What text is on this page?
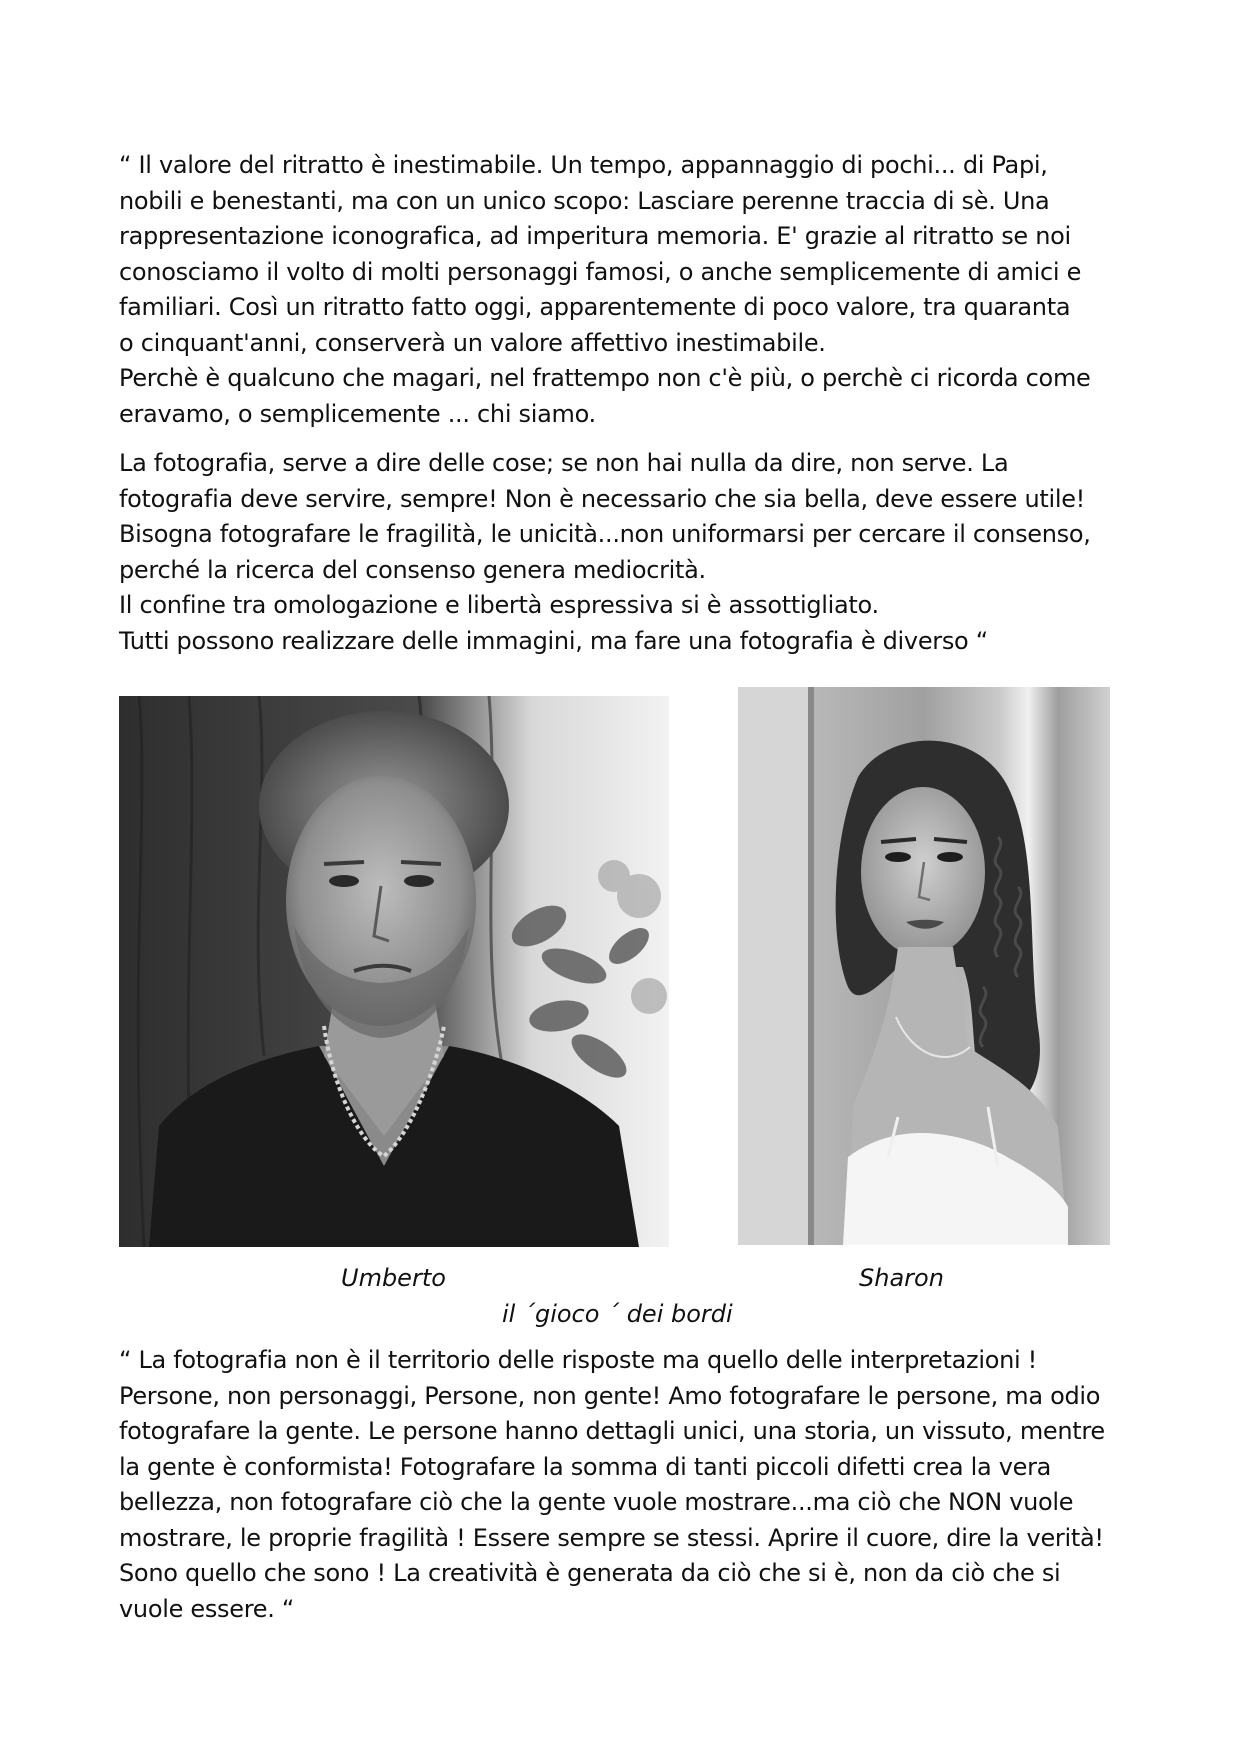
“ Il valore del ritratto è inestimabile. Un tempo, appannaggio di pochi... di Papi,
nobili e benestanti, ma con un unico scopo: Lasciare perenne traccia di sè. Una
rappresentazione iconografica, ad imperitura memoria. E' grazie al ritratto se noi
conosciamo il volto di molti personaggi famosi, o anche semplicemente di amici e
familiari. Così un ritratto fatto oggi, apparentemente di poco valore, tra quaranta
o cinquant'anni, conserverà un valore affettivo inestimabile.
Perchè è qualcuno che magari, nel frattempo non c'è più, o perchè ci ricorda come
eravamo, o semplicemente ... chi siamo.
La fotografia, serve a dire delle cose; se non hai nulla da dire, non serve. La
fotografia deve servire, sempre! Non è necessario che sia bella, deve essere utile!
Bisogna fotografare le fragilità, le unicità...non uniformarsi per cercare il consenso,
perché la ricerca del consenso genera mediocrità.
Il confine tra omologazione e libertà espressiva si è assottigliato.
Tutti possono realizzare delle immagini, ma fare una fotografia è diverso “
Umberto	Sharon
il ´gioco ´ dei bordi
“ La fotografia non è il territorio delle risposte ma quello delle interpretazioni !
Persone, non personaggi, Persone, non gente! Amo fotografare le persone, ma odio
fotografare la gente. Le persone hanno dettagli unici, una storia, un vissuto, mentre
la gente è conformista! Fotografare la somma di tanti piccoli difetti crea la vera
bellezza, non fotografare ciò che la gente vuole mostrare...ma ciò che NON vuole
mostrare, le proprie fragilità ! Essere sempre se stessi. Aprire il cuore, dire la verità!
Sono quello che sono ! La creatività è generata da ciò che si è, non da ciò che si
vuole essere. “
